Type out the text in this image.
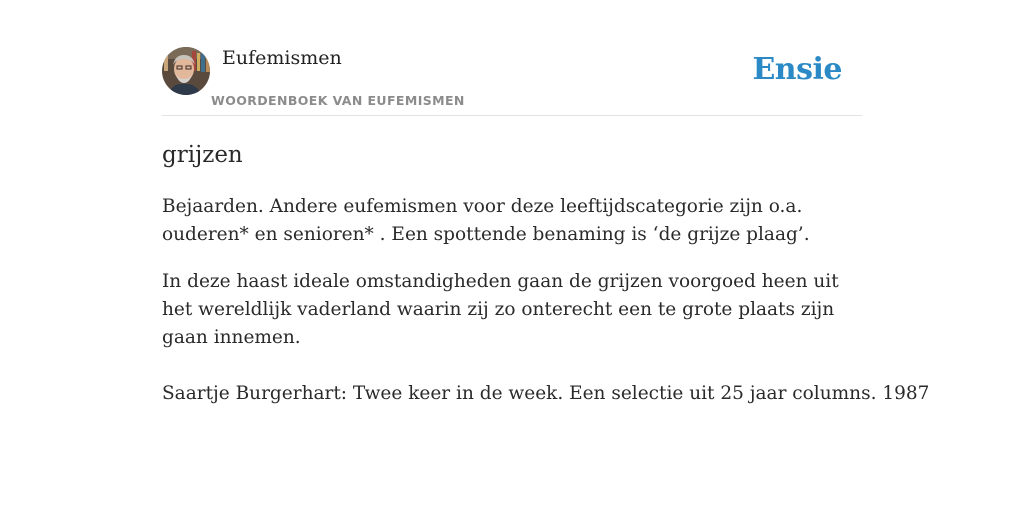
Eufemismen
WOORDENBOEK VAN EUFEMISMEN
Ensie
grijzen

Bejaarden. Andere eufemismen voor deze leeftijdscategorie zijn o.a. ouderen* en senioren* . Een spottende benaming is ‘de grijze plaag’.

In deze haast ideale omstandigheden gaan de grijzen voorgoed heen uit het wereldlijk vaderland waarin zij zo onterecht een te grote plaats zijn gaan innemen.

Saartje Burgerhart: Twee keer in de week. Een selectie uit 25 jaar columns. 1987
